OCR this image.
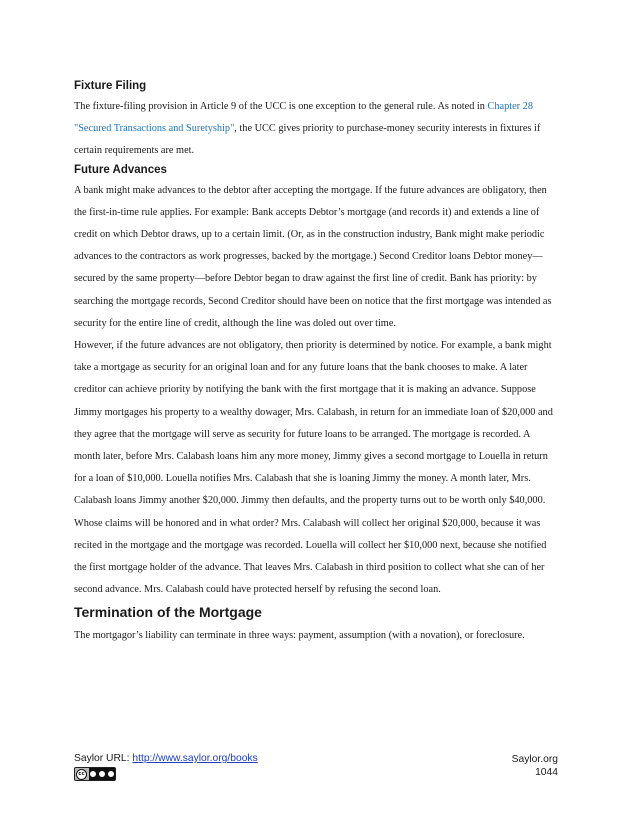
Fixture Filing

The fixture-filing provision in Article 9 of the UCC is one exception to the general rule. As noted in Chapter 28 "Secured Transactions and Suretyship", the UCC gives priority to purchase-money security interests in fixtures if certain requirements are met.

Future Advances

A bank might make advances to the debtor after accepting the mortgage. If the future advances are obligatory, then the first-in-time rule applies. For example: Bank accepts Debtor’s mortgage (and records it) and extends a line of credit on which Debtor draws, up to a certain limit. (Or, as in the construction industry, Bank might make periodic advances to the contractors as work progresses, backed by the mortgage.) Second Creditor loans Debtor money—secured by the same property—before Debtor began to draw against the first line of credit. Bank has priority: by searching the mortgage records, Second Creditor should have been on notice that the first mortgage was intended as security for the entire line of credit, although the line was doled out over time.

However, if the future advances are not obligatory, then priority is determined by notice. For example, a bank might take a mortgage as security for an original loan and for any future loans that the bank chooses to make. A later creditor can achieve priority by notifying the bank with the first mortgage that it is making an advance. Suppose Jimmy mortgages his property to a wealthy dowager, Mrs. Calabash, in return for an immediate loan of $20,000 and they agree that the mortgage will serve as security for future loans to be arranged. The mortgage is recorded. A month later, before Mrs. Calabash loans him any more money, Jimmy gives a second mortgage to Louella in return for a loan of $10,000. Louella notifies Mrs. Calabash that she is loaning Jimmy the money. A month later, Mrs. Calabash loans Jimmy another $20,000. Jimmy then defaults, and the property turns out to be worth only $40,000. Whose claims will be honored and in what order? Mrs. Calabash will collect her original $20,000, because it was recited in the mortgage and the mortgage was recorded. Louella will collect her $10,000 next, because she notified the first mortgage holder of the advance. That leaves Mrs. Calabash in third position to collect what she can of her second advance. Mrs. Calabash could have protected herself by refusing the second loan.

Termination of the Mortgage

The mortgagor’s liability can terminate in three ways: payment, assumption (with a novation), or foreclosure.

Saylor URL: http://www.saylor.org/books
cc
Saylor.org
1044
